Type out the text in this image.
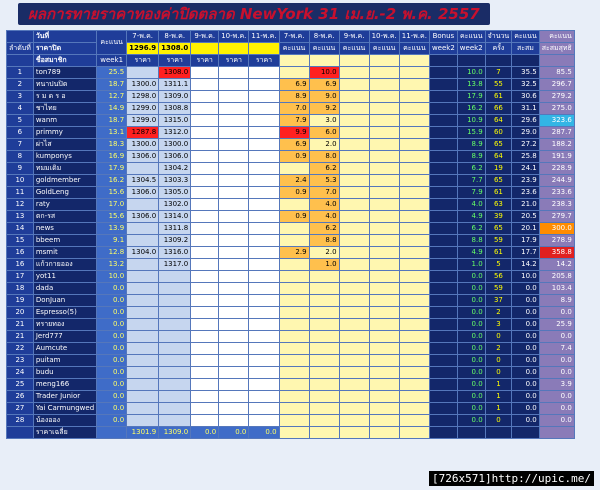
ผลการทายราคาทองค่าปิดตลาด NewYork 31 เม.ย.-2 พ.ค. 2557
	วันที่	คะแนน	7-พ.ค.	8-พ.ค.	9-พ.ค.	10-พ.ค.	11-พ.ค.	7-พ.ค.	8-พ.ค.	9-พ.ค.	10-พ.ค.	11-พ.ค.	Bonus	คะแนน	จำนวน	คะแนน	คะแนน
ลำดับที่	ราคาปิด		1296.9	1308.0				คะแนน	คะแนน	คะแนน	คะแนน	คะแนน	week2	week2	ครั้ง	สะสม	สะสมสุทธิ
	ชื่อสมาชิก	week1	ราคา	ราคา	ราคา	ราคา	ราคา										
1	ton789	25.5		1308.0					10.0					10.0	7	35.5	85.5
2	ทนาปนปิด	18.7	1300.0	1311.1				6.9	6.9					13.8	55	32.5	296.7
3	ร ม ด ร อ	12.7	1298.0	1309.0				8.9	9.0					17.9	61	30.6	279.2
4	ชาไทย	14.9	1299.0	1308.8				7.0	9.2					16.2	66	31.1	275.0
5	wanm	18.7	1299.0	1315.0				7.9	3.0					10.9	64	29.6	323.6
6	primmy	13.1	1287.8	1312.0				9.9	6.0					15.9	60	29.0	287.7
7	ผ่าไส	18.3	1300.0	1300.0				6.9	2.0					8.9	65	27.2	188.2
8	kumponys	16.9	1306.0	1306.0				0.9	8.0					8.9	64	25.8	191.9
9	ทมมเดิม	17.9		1304.2					6.2					6.2	19	24.1	228.9
10	goldmember	16.2	1304.5	1303.3				2.4	5.3					7.7	65	23.9	244.9
11	GoldLeng	15.6	1306.0	1305.0				0.9	7.0					7.9	61	23.6	233.6
12	raty	17.0		1302.0					4.0					4.0	63	21.0	238.3
13	ตก-รส	15.6	1306.0	1314.0				0.9	4.0					4.9	39	20.5	279.7
14	news	13.9		1311.8					6.2					6.2	65	20.1	300.0
15	bbeem	9.1		1309.2					8.8					8.8	59	17.9	278.9
16	msmit	12.8	1304.0	1316.0				2.9	2.0					4.9	61	17.7	358.8
16	แก้วกายออง	13.2		1317.0					1.0					1.0	5	14.2	14.2
17	yot11	10.0												0.0	56	10.0	205.8
18	dada	0.0												0.0	59	0.0	103.4
19	DonJuan	0.0												0.0	37	0.0	8.9
20	Espresso(5)	0.0												0.0	2	0.0	0.0
21	ทรายทอง	0.0												0.0	3	0.0	25.9
21	Jerd777	0.0												0.0	0	0.0	0.0
22	Aumcute	0.0												0.0	2	0.0	7.4
23	puitam	0.0												0.0	0	0.0	0.0
24	budu	0.0												0.0	0	0.0	0.0
25	meng166	0.0												0.0	1	0.0	3.9
26	Trader Junior	0.0												0.0	1	0.0	0.0
27	Yai Carmungwed	0.0												0.0	1	0.0	0.0
28	น้องออง	0.0												0.0	0	0.0	0.0
	ราคาเฉลี่ย		1301.9	1309.0	0.0	0.0	0.0										
[726x571]http://upic.me/
